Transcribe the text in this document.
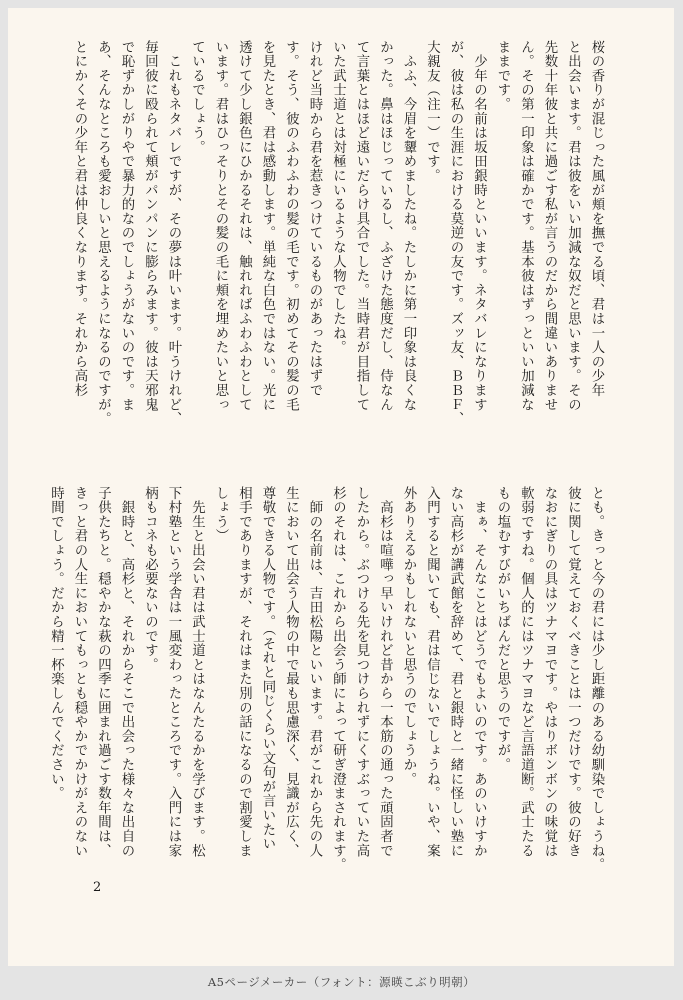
桜の香りが混じった風が頬を撫でる頃、君は一人の少年
と出会います。君は彼をいい加減な奴だと思います。その
先数十年彼と共に過ごす私が言うのだから間違いありませ
ん。その第一印象は確かです。基本彼はずっといい加減な
ままです。
　少年の名前は坂田銀時といいます。ネタバレになります
が、彼は私の生涯における莫逆の友です。ズッ友、ＢＢＦ、
大親友（注一）です。
　ふふ、今眉を顰めましたね。たしかに第一印象は良くな
かった。鼻はほじっているし、ふざけた態度だし、侍なん
て言葉とはほど遠いだらけ具合でした。当時君が目指して
いた武士道とは対極にいるような人物でしたね。
けれど当時から君を惹きつけているものがあったはずで
す。そう、彼のふわふわの髪の毛です。初めてその髪の毛
を見たとき、君は感動します。単純な白色ではない。光に
透けて少し銀色にひかるそれは、触れればふわふわとして
います。君はひっそりとその髪の毛に頬を埋めたいと思っ
ているでしょう。
　これもネタバレですが、その夢は叶います。叶うけれど、
毎回彼に殴られて頬がパンパンに膨らみます。彼は天邪鬼
で恥ずかしがりやで暴力的なのでしょうがないのです。ま
あ、そんなところも愛おしいと思えるようになるのですが。
とにかくその少年と君は仲良くなります。それから高杉
とも。きっと今の君には少し距離のある幼馴染でしょうね。
彼に関して覚えておくべきことは一つだけです。彼の好き
なおにぎりの具はツナマヨです。やはりボンボンの味覚は
軟弱ですね。個人的にはツナマヨなど言語道断。武士たる
もの塩むすびがいちばんだと思うのですが。
　まぁ、そんなことはどうでもよいのです。あのいけすか
ない高杉が講武館を辞めて、君と銀時と一緒に怪しい塾に
入門すると聞いても、君は信じないでしょうね。いや、案
外ありえるかもしれないと思うのでしょうか。
　高杉は喧嘩っ早いけれど昔から一本筋の通った頑固者で
したから。ぶつける先を見つけられずにくすぶっていた高
杉のそれは、これから出会う師によって研ぎ澄まされます。
　師の名前は、吉田松陽といいます。君がこれから先の人
生において出会う人物の中で最も思慮深く、見識が広く、
尊敬できる人物です。（それと同じくらい文句が言いたい
相手でありますが、それはまた別の話になるので割愛しま
しょう）
　先生と出会い君は武士道とはなんたるかを学びます。松
下村塾という学舎は一風変わったところです。入門には家
柄もコネも必要ないのです。
　銀時と、高杉と、それからそこで出会った様々な出自の
子供たちと。穏やかな萩の四季に囲まれ過ごす数年間は、
きっと君の人生においてもっとも穏やかでかけがえのない
時間でしょう。だから精一杯楽しんでください。
2
A5ページメーカー（フォント：源暎こぶり明朝）
